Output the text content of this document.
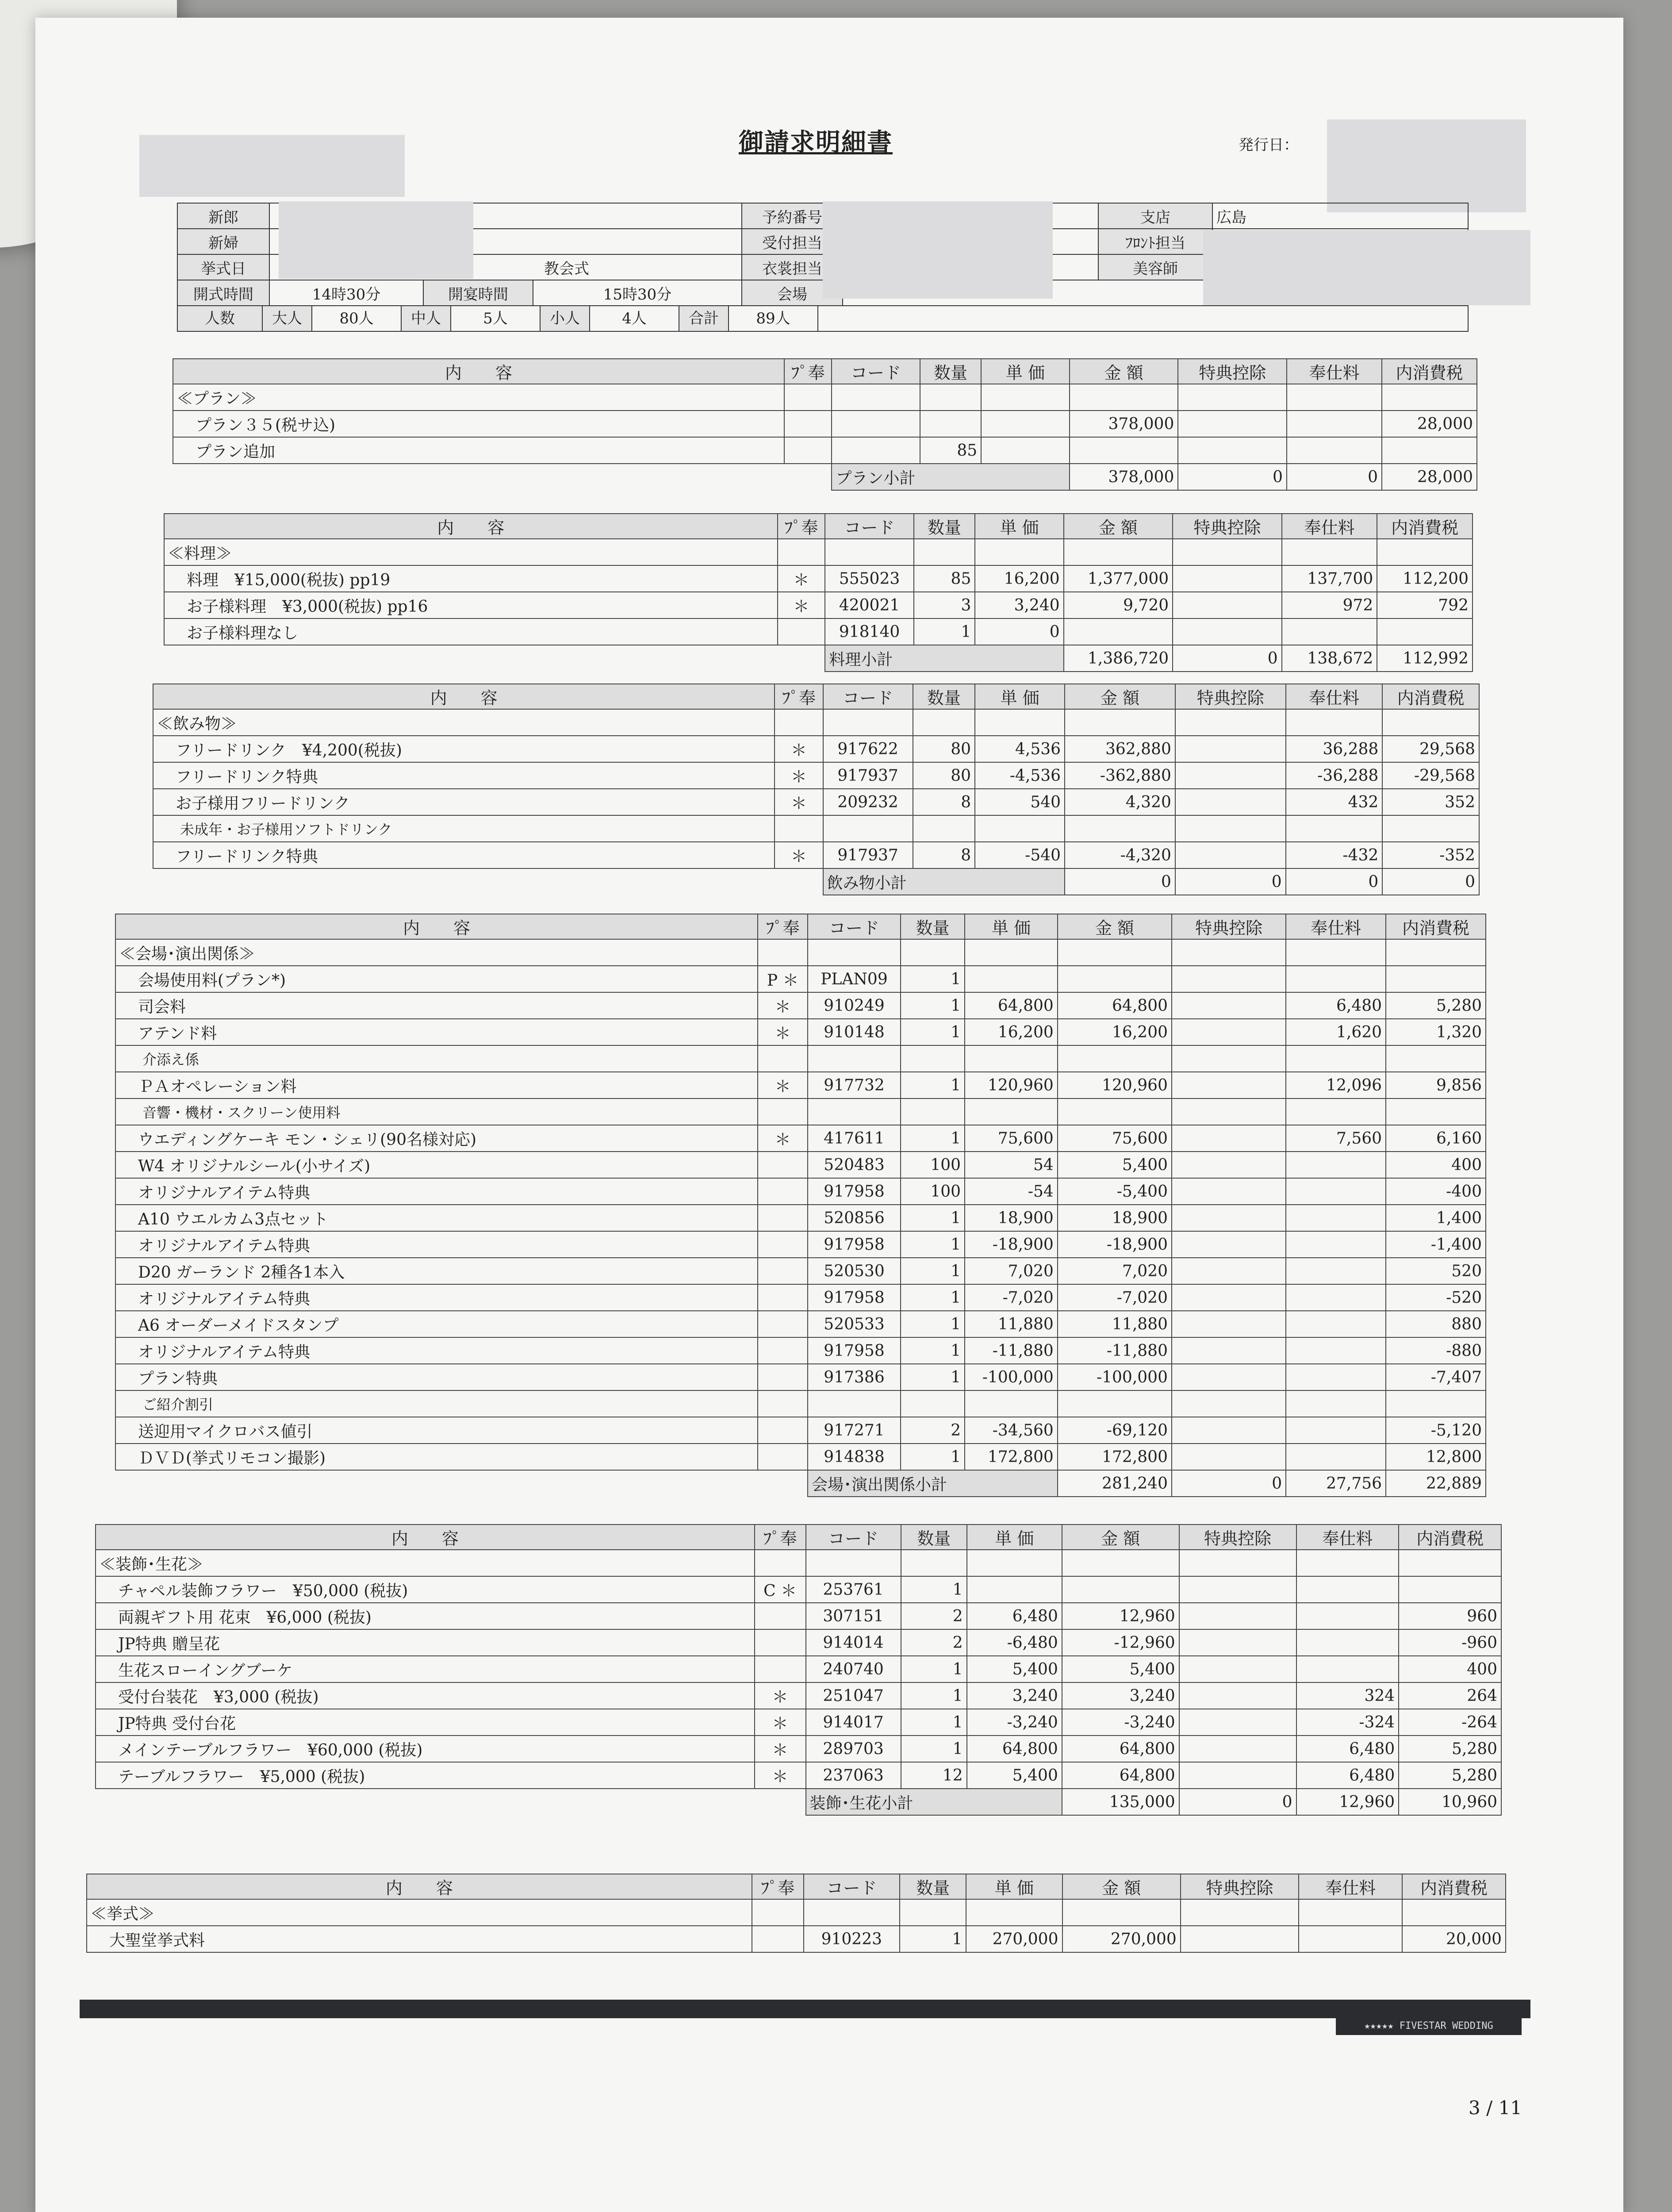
御請求明細書	発行日：
新郎				予約番号		支店	広島
新婦				受付担当		ﾌﾛﾝﾄ担当	
挙式日	教会式			衣裳担当		美容師	
開式時間	14時30分	開宴時間	15時30分	会場	
人数 大人 80人 中人 5人 小人 4人 合計 89人							
内　　容	ﾌﾟ奉	コード	数量	単 価	金 額	特典控除	奉仕料	内消費税
≪プラン≫								
プラン３５(税サ込)					378,000			28,000
プラン追加			85					
		プラン小計			378,000	0	0	28,000
内　　容	ﾌﾟ奉	コード	数量	単 価	金 額	特典控除	奉仕料	内消費税
≪料理≫								
料理　¥15,000(税抜) pp19	＊	555023	85	16,200	1,377,000		137,700	112,200
お子様料理　¥3,000(税抜) pp16	＊	420021	3	3,240	9,720		972	792
お子様料理なし		918140	1	0				
		料理小計			1,386,720	0	138,672	112,992
内　　容	ﾌﾟ奉	コード	数量	単 価	金 額	特典控除	奉仕料	内消費税
≪飲み物≫								
フリードリンク　¥4,200(税抜)	＊	917622	80	4,536	362,880		36,288	29,568
フリードリンク特典	＊	917937	80	-4,536	-362,880		-36,288	-29,568
お子様用フリードリンク	＊	209232	8	540	4,320		432	352
未成年・お子様用ソフトドリンク								
フリードリンク特典	＊	917937	8	-540	-4,320		-432	-352
		飲み物小計			0	0	0	0
内　　容	ﾌﾟ奉	コード	数量	単 価	金 額	特典控除	奉仕料	内消費税
≪会場･演出関係≫								
会場使用料(プラン*)	P ＊	PLAN09	1					
司会料	＊	910249	1	64,800	64,800		6,480	5,280
アテンド料	＊	910148	1	16,200	16,200		1,620	1,320
介添え係								
ＰＡオペレーション料	＊	917732	1	120,960	120,960		12,096	9,856
音響・機材・スクリーン使用料								
ウエディングケーキ モン・シェリ(90名様対応)	＊	417611	1	75,600	75,600		7,560	6,160
W4 オリジナルシール(小サイズ)		520483	100	54	5,400			400
オリジナルアイテム特典		917958	100	-54	-5,400			-400
A10 ウエルカム3点セット		520856	1	18,900	18,900			1,400
オリジナルアイテム特典		917958	1	-18,900	-18,900			-1,400
D20 ガーランド 2種各1本入		520530	1	7,020	7,020			520
オリジナルアイテム特典		917958	1	-7,020	-7,020			-520
A6 オーダーメイドスタンプ		520533	1	11,880	11,880			880
オリジナルアイテム特典		917958	1	-11,880	-11,880			-880
プラン特典		917386	1	-100,000	-100,000			-7,407
ご紹介割引								
送迎用マイクロバス値引		917271	2	-34,560	-69,120			-5,120
ＤＶＤ(挙式リモコン撮影)		914838	1	172,800	172,800			12,800
		会場･演出関係小計			281,240	0	27,756	22,889
内　　容	ﾌﾟ奉	コード	数量	単 価	金 額	特典控除	奉仕料	内消費税
≪装飾･生花≫								
チャペル装飾フラワー　¥50,000 (税抜)	C ＊	253761	1					
両親ギフト用 花束　¥6,000 (税抜)		307151	2	6,480	12,960			960
JP特典 贈呈花		914014	2	-6,480	-12,960			-960
生花スローイングブーケ		240740	1	5,400	5,400			400
受付台装花　¥3,000 (税抜)	＊	251047	1	3,240	3,240		324	264
JP特典 受付台花	＊	914017	1	-3,240	-3,240		-324	-264
メインテーブルフラワー　¥60,000 (税抜)	＊	289703	1	64,800	64,800		6,480	5,280
テーブルフラワー　¥5,000 (税抜)	＊	237063	12	5,400	64,800		6,480	5,280
		装飾･生花小計			135,000	0	12,960	10,960
内　　容	ﾌﾟ奉	コード	数量	単 価	金 額	特典控除	奉仕料	内消費税
≪挙式≫								
大聖堂挙式料		910223	1	270,000	270,000			20,000
★★★★★ FIVESTAR WEDDING
3 / 11
